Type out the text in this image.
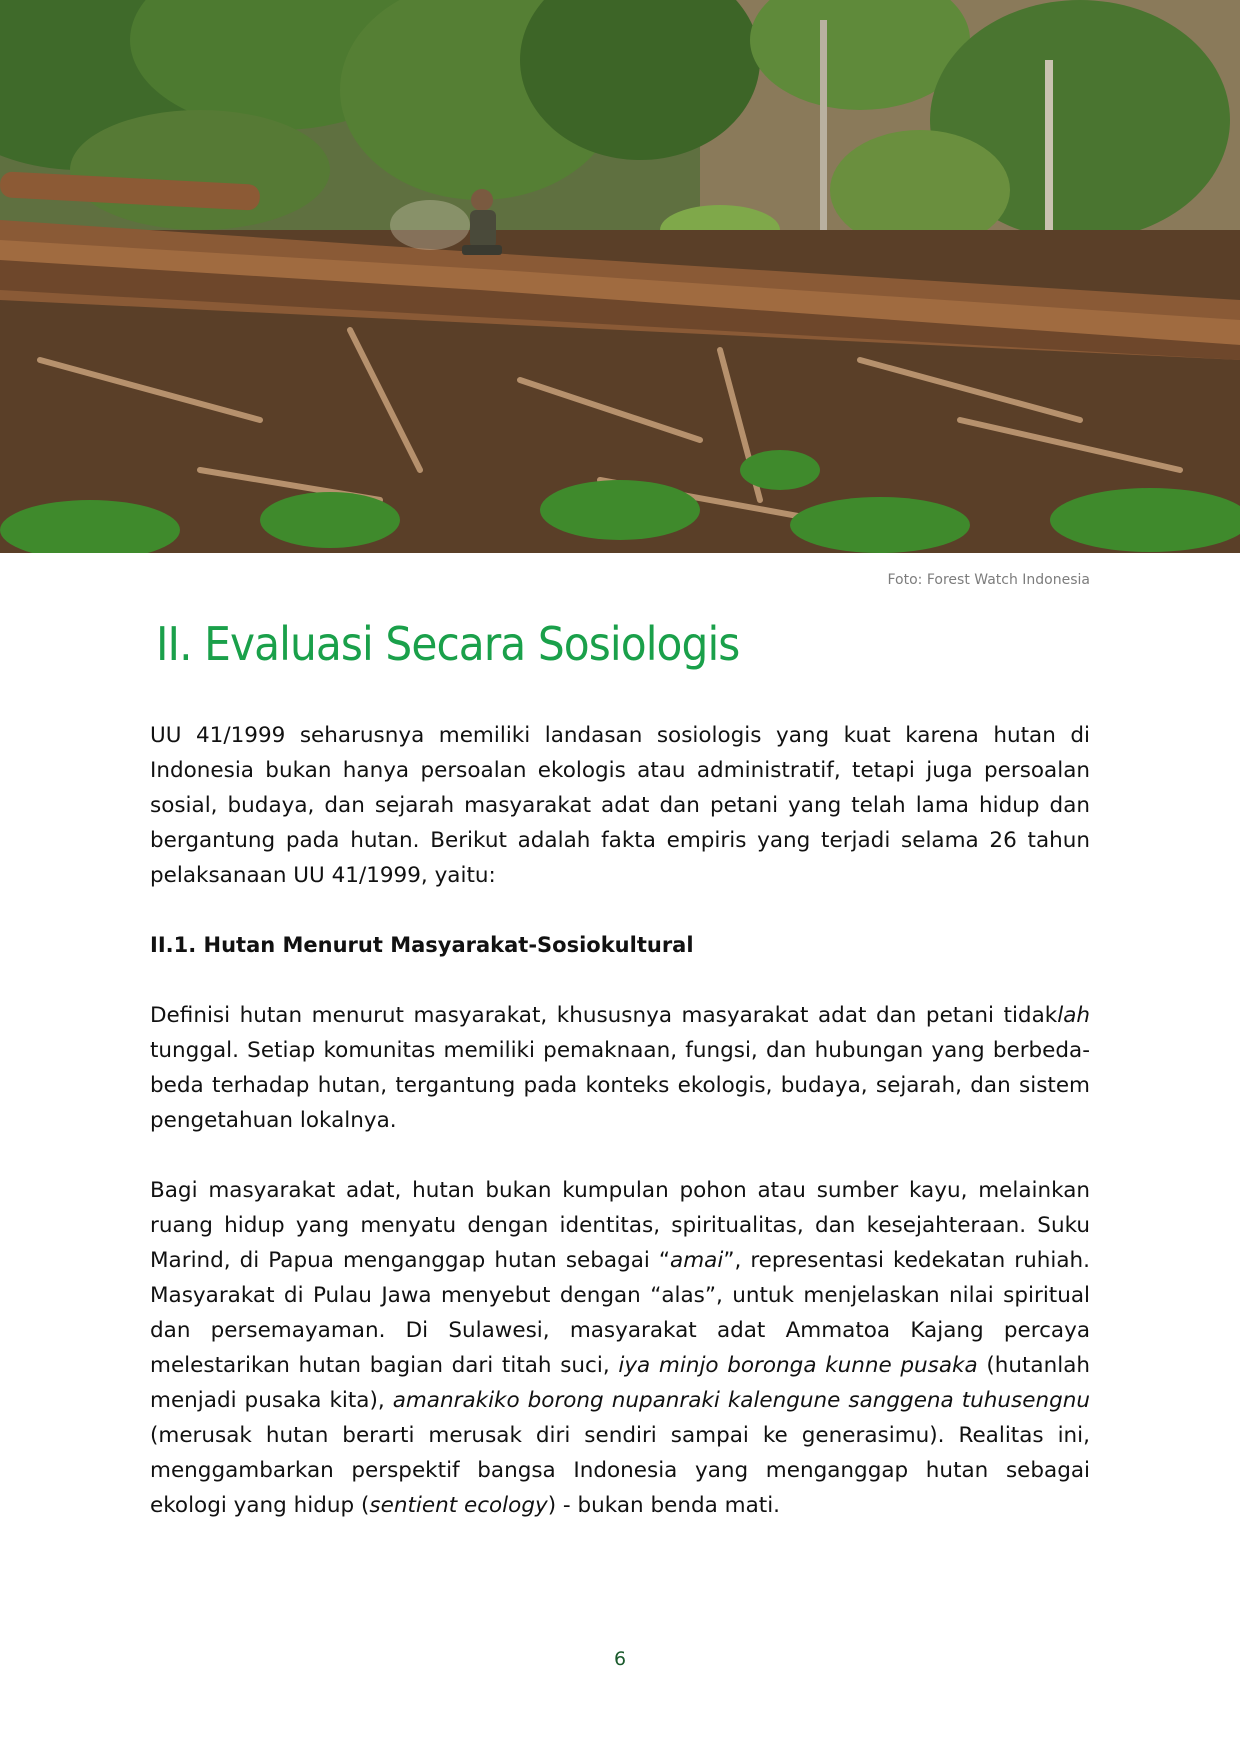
Foto: Forest Watch Indonesia
II. Evaluasi Secara Sosiologis

UU 41/1999 seharusnya memiliki landasan sosiologis yang kuat karena hutan di Indonesia bukan hanya persoalan ekologis atau administratif, tetapi juga persoalan sosial, budaya, dan sejarah masyarakat adat dan petani yang telah lama hidup dan bergantung pada hutan. Berikut adalah fakta empiris yang terjadi selama 26 tahun pelaksanaan UU 41/1999, yaitu:

II.1. Hutan Menurut Masyarakat-Sosiokultural

Definisi hutan menurut masyarakat, khususnya masyarakat adat dan petani tidaklah tunggal. Setiap komunitas memiliki pemaknaan, fungsi, dan hubungan yang berbeda-beda terhadap hutan, tergantung pada konteks ekologis, budaya, sejarah, dan sistem pengetahuan lokalnya.

Bagi masyarakat adat, hutan bukan kumpulan pohon atau sumber kayu, melainkan ruang hidup yang menyatu dengan identitas, spiritualitas, dan kesejahteraan. Suku Marind, di Papua menganggap hutan sebagai “amai”, representasi kedekatan ruhiah. Masyarakat di Pulau Jawa menyebut dengan “alas”, untuk menjelaskan nilai spiritual dan persemayaman. Di Sulawesi, masyarakat adat Ammatoa Kajang percaya melestarikan hutan bagian dari titah suci, iya minjo boronga kunne pusaka (hutanlah menjadi pusaka kita), amanrakiko borong nupanraki kalengune sanggena tuhusengnu (merusak hutan berarti merusak diri sendiri sampai ke generasimu). Realitas ini, menggambarkan perspektif bangsa Indonesia yang menganggap hutan sebagai ekologi yang hidup (sentient ecology) - bukan benda mati.

6
